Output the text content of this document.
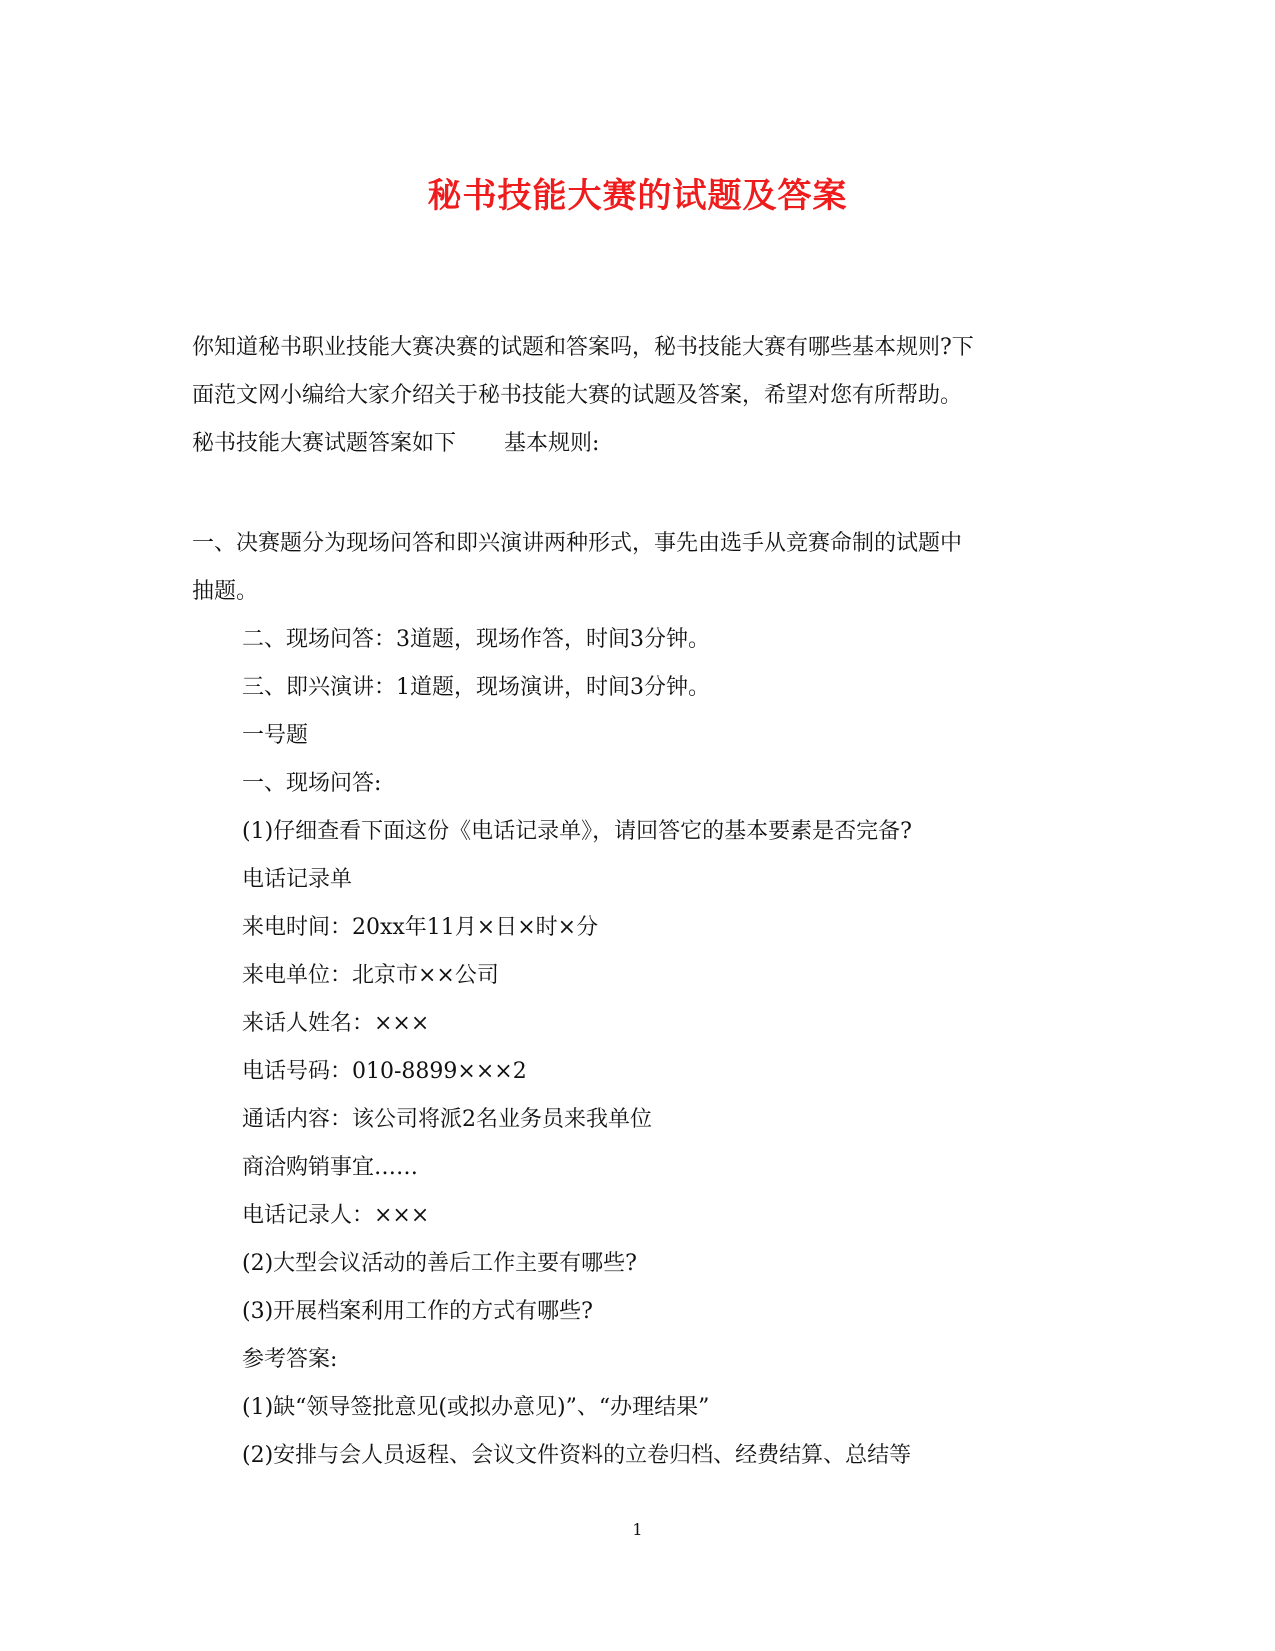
秘书技能大赛的试题及答案

你知道秘书职业技能大赛决赛的试题和答案吗，秘书技能大赛有哪些基本规则?下

面范文网小编给大家介绍关于秘书技能大赛的试题及答案，希望对您有所帮助。

秘书技能大赛试题答案如下 基本规则:

一、决赛题分为现场问答和即兴演讲两种形式，事先由选手从竞赛命制的试题中

抽题。

二、现场问答：3道题，现场作答，时间3分钟。

三、即兴演讲：1道题，现场演讲，时间3分钟。

一号题

一、现场问答:

(1)仔细查看下面这份《电话记录单》，请回答它的基本要素是否完备?

电话记录单

来电时间：20xx年11月×日×时×分

来电单位：北京市××公司

来话人姓名：×××

电话号码：010-8899×××2

通话内容：该公司将派2名业务员来我单位

商洽购销事宜……

电话记录人：×××

(2)大型会议活动的善后工作主要有哪些?

(3)开展档案利用工作的方式有哪些?

参考答案:

(1)缺“领导签批意见(或拟办意见)”、“办理结果”

(2)安排与会人员返程、会议文件资料的立卷归档、经费结算、总结等

1
